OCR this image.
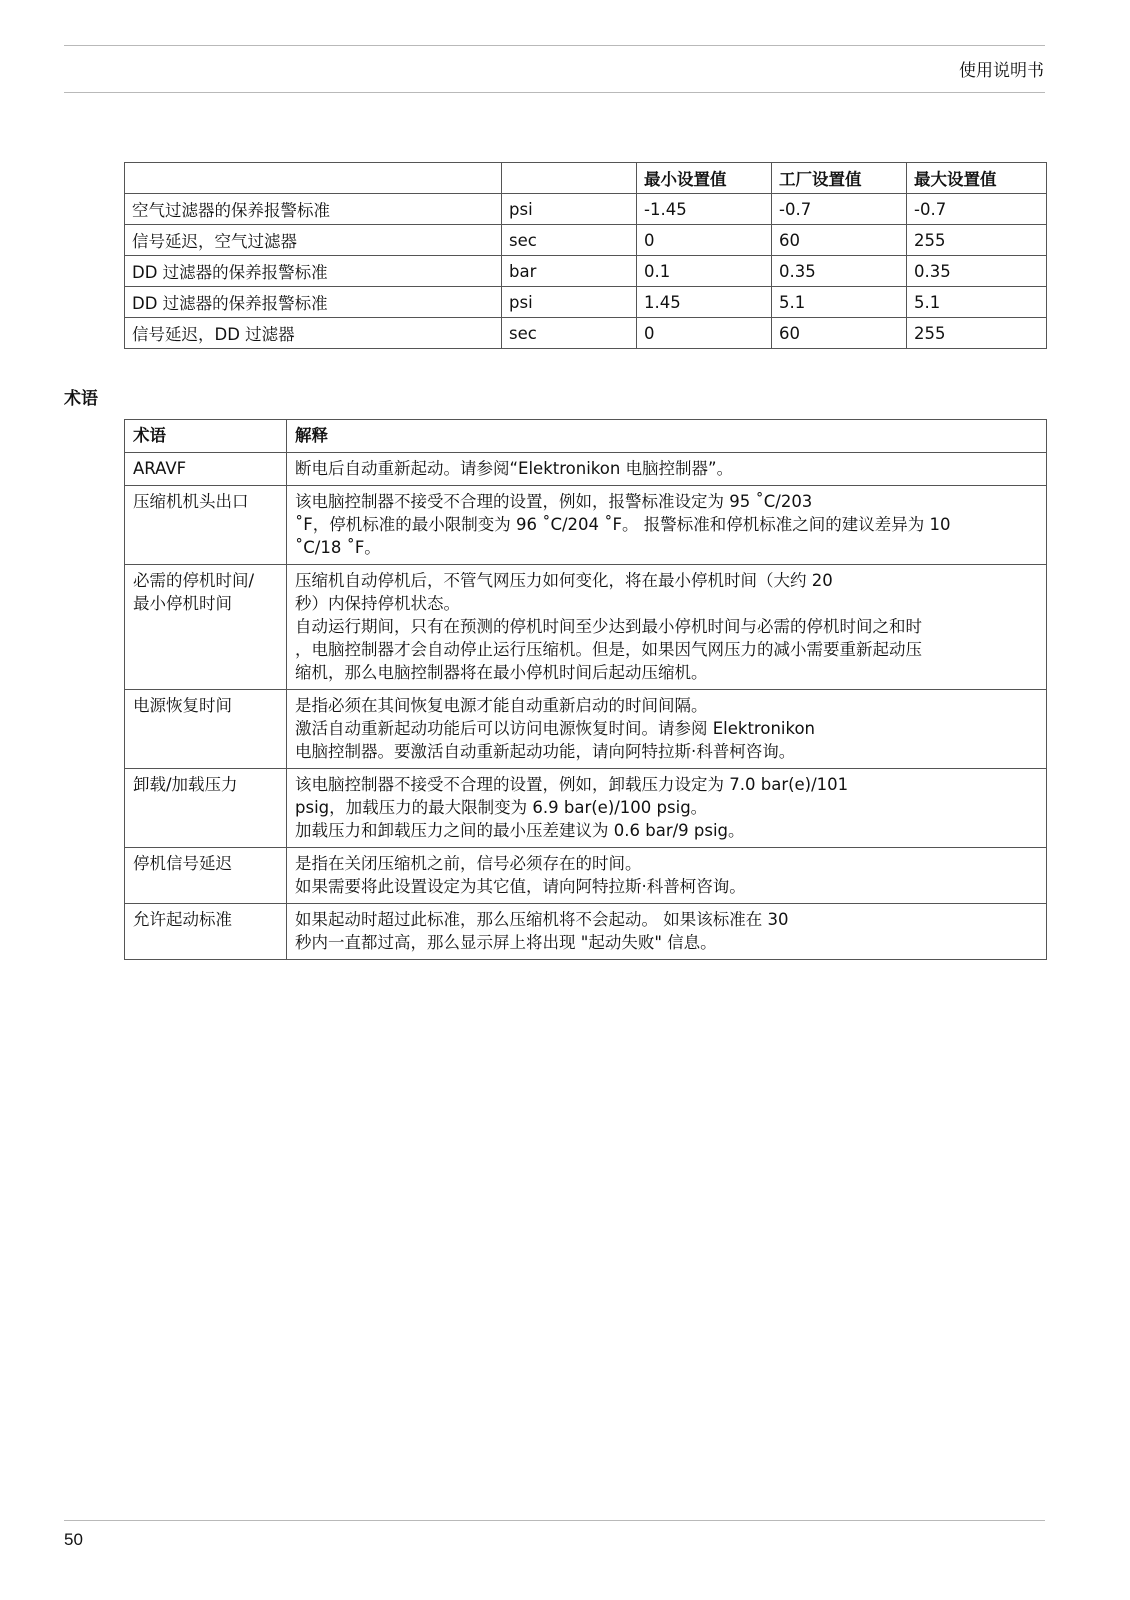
使用说明书
		最小设置值	工厂设置值	最大设置值
空气过滤器的保养报警标准	psi	-1.45	-0.7	-0.7
信号延迟，空气过滤器	sec	0	60	255
DD 过滤器的保养报警标准	bar	0.1	0.35	0.35
DD 过滤器的保养报警标准	psi	1.45	5.1	5.1
信号延迟，DD 过滤器	sec	0	60	255
术语
术语	解释

ARAVF	断电后自动重新起动。请参阅“Elektronikon 电脑控制器”。

压缩机机头出口	该电脑控制器不接受不合理的设置，例如，报警标准设定为 95 ˚C/203
˚F，停机标准的最小限制变为 96 ˚C/204 ˚F。 报警标准和停机标准之间的建议差异为 10
˚C/18 ˚F。

必需的停机时间/
最小停机时间	压缩机自动停机后，不管气网压力如何变化，将在最小停机时间（大约 20
秒）内保持停机状态。
自动运行期间，只有在预测的停机时间至少达到最小停机时间与必需的停机时间之和时
，电脑控制器才会自动停止运行压缩机。但是，如果因气网压力的减小需要重新起动压
缩机，那么电脑控制器将在最小停机时间后起动压缩机。

电源恢复时间	是指必须在其间恢复电源才能自动重新启动的时间间隔。
激活自动重新起动功能后可以访问电源恢复时间。请参阅 Elektronikon
电脑控制器。要激活自动重新起动功能，请向阿特拉斯·科普柯咨询。

卸载/加载压力	该电脑控制器不接受不合理的设置，例如，卸载压力设定为 7.0 bar(e)/101
psig，加载压力的最大限制变为 6.9 bar(e)/100 psig。
加载压力和卸载压力之间的最小压差建议为 0.6 bar/9 psig。

停机信号延迟	是指在关闭压缩机之前，信号必须存在的时间。
如果需要将此设置设定为其它值，请向阿特拉斯·科普柯咨询。

允许起动标准	如果起动时超过此标准，那么压缩机将不会起动。 如果该标准在 30
秒内一直都过高，那么显示屏上将出现 "起动失败" 信息。
50
